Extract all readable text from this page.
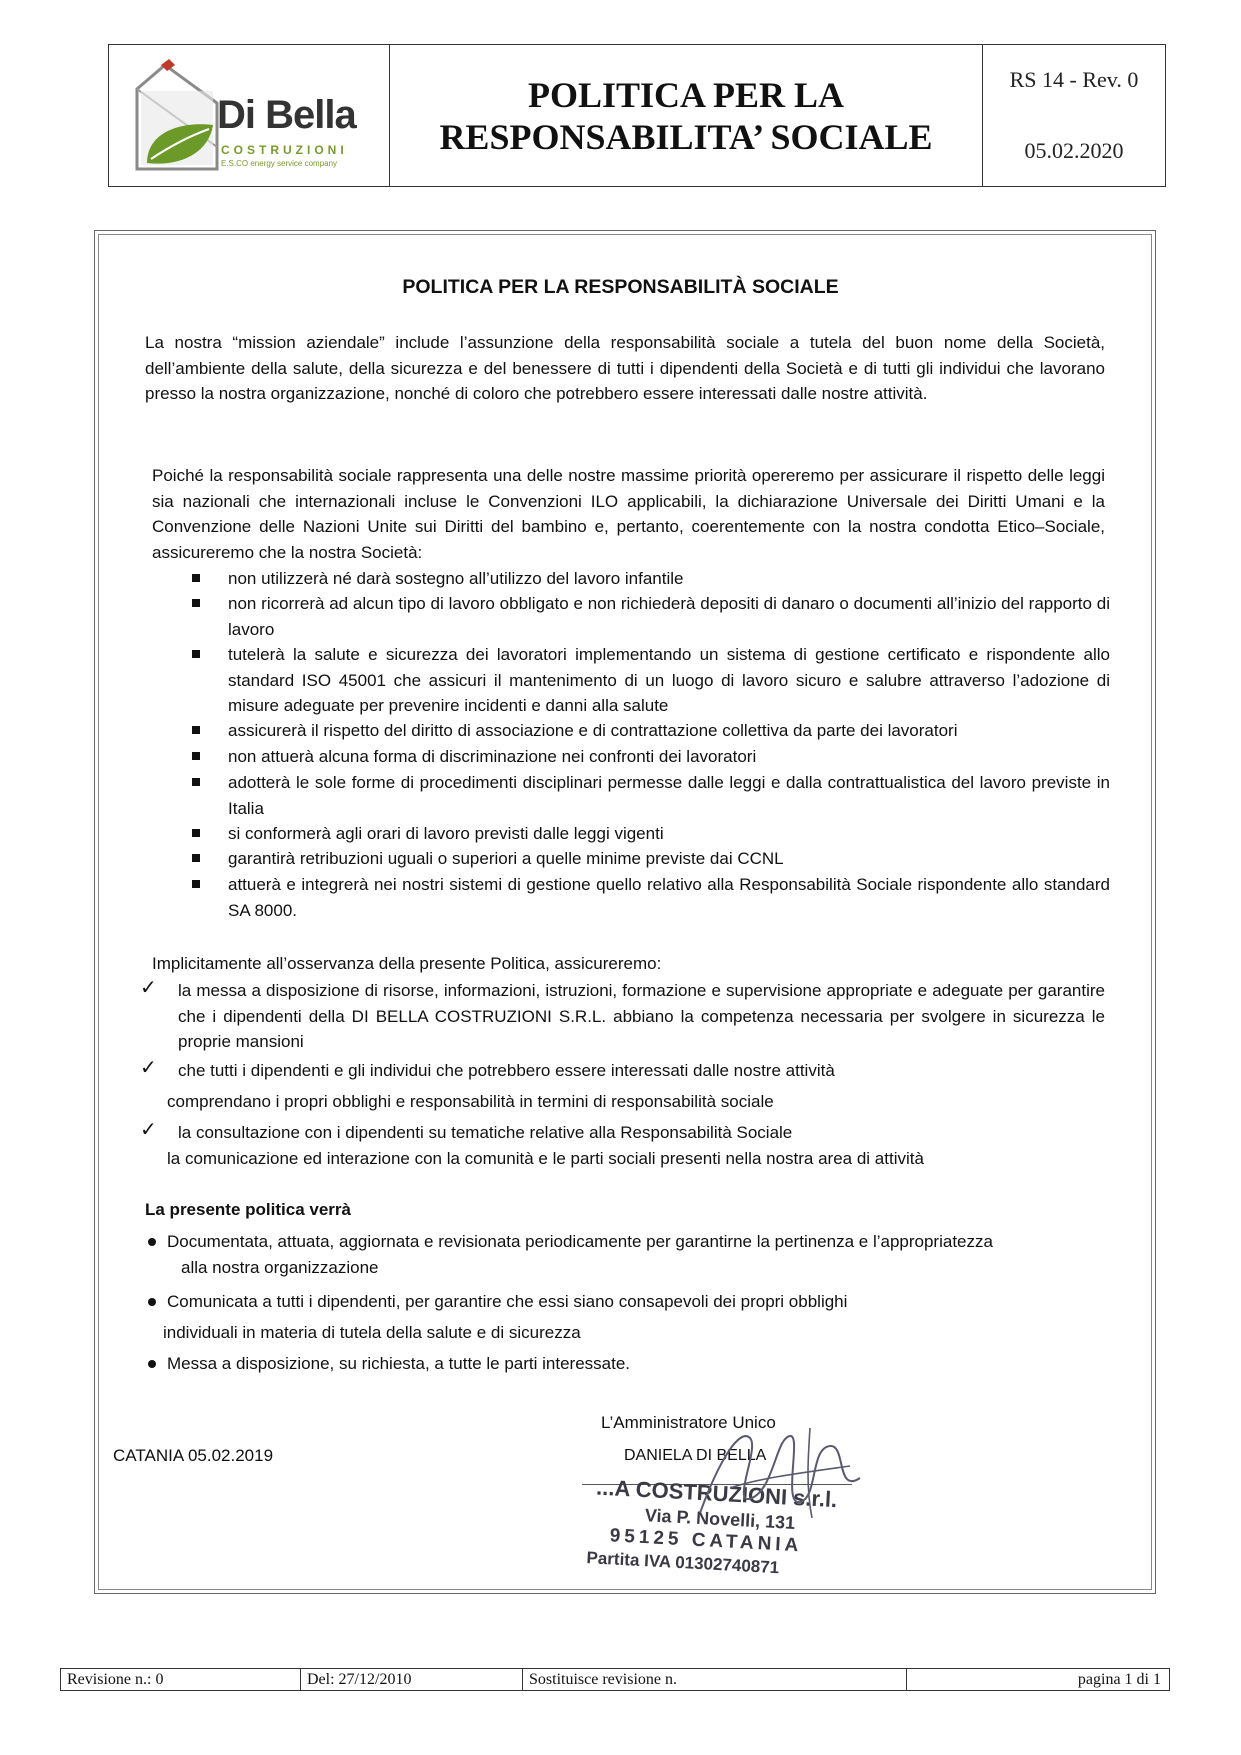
Di Bella
COSTRUZIONI
E.S.CO energy service company
POLITICA PER LA
RESPONSABILITA’ SOCIALE
RS 14 - Rev. 0
05.02.2020
POLITICA PER LA RESPONSABILITÀ SOCIALE
La nostra “mission aziendale” include l’assunzione della responsabilità sociale a tutela del buon nome della Società, dell’ambiente della salute, della sicurezza e del benessere di tutti i dipendenti della Società e di tutti gli individui che lavorano presso la nostra organizzazione, nonché di coloro che potrebbero essere interessati dalle nostre attività.
Poiché la responsabilità sociale rappresenta una delle nostre massime priorità opereremo per assicurare il rispetto delle leggi sia nazionali che internazionali incluse le Convenzioni ILO applicabili, la dichiarazione Universale dei Diritti Umani e la Convenzione delle Nazioni Unite sui Diritti del bambino e, pertanto, coerentemente con la nostra condotta Etico–Sociale, assicureremo che la nostra Società:
non utilizzerà né darà sostegno all’utilizzo del lavoro infantile
non ricorrerà ad alcun tipo di lavoro obbligato e non richiederà depositi di danaro o documenti all’inizio del rapporto di lavoro
tutelerà la salute e sicurezza dei lavoratori implementando un sistema di gestione certificato e rispondente allo standard ISO 45001 che assicuri il mantenimento di un luogo di lavoro sicuro e salubre attraverso l’adozione di misure adeguate per prevenire incidenti e danni alla salute
assicurerà il rispetto del diritto di associazione e di contrattazione collettiva da parte dei lavoratori
non attuerà alcuna forma di discriminazione nei confronti dei lavoratori
adotterà le sole forme di procedimenti disciplinari permesse dalle leggi e dalla contrattualistica del lavoro previste in Italia
si conformerà agli orari di lavoro previsti dalle leggi vigenti
garantirà retribuzioni uguali o superiori a quelle minime previste dai CCNL
attuerà e integrerà nei nostri sistemi di gestione quello relativo alla Responsabilità Sociale rispondente allo standard SA 8000.
Implicitamente all’osservanza della presente Politica, assicureremo:
✓ la messa a disposizione di risorse, informazioni, istruzioni, formazione e supervisione appropriate e adeguate per garantire che i dipendenti della DI BELLA COSTRUZIONI S.R.L. abbiano la competenza necessaria per svolgere in sicurezza le proprie mansioni
✓ che tutti i dipendenti e gli individui che potrebbero essere interessati dalle nostre attività
comprendano i propri obblighi e responsabilità in termini di responsabilità sociale
✓ la consultazione con i dipendenti su tematiche relative alla Responsabilità Sociale
la comunicazione ed interazione con la comunità e le parti sociali presenti nella nostra area di attività
La presente politica verrà
Documentata, attuata, aggiornata e revisionata periodicamente per garantirne la pertinenza e l’appropriatezza
alla nostra organizzazione
Comunicata a tutti i dipendenti, per garantire che essi siano consapevoli dei propri obblighi
individuali in materia di tutela della salute e di sicurezza
Messa a disposizione, su richiesta, a tutte le parti interessate.
L’Amministratore Unico
CATANIA 05.02.2019	DANIELA DI BELLA
...A COSTRUZIONI s.r.l.
Via P. Novelli, 131
95125 CATANIA
Partita IVA 01302740871
Revisione n.: 0	Del: 27/12/2010	Sostituisce revisione n.	pagina 1 di 1
